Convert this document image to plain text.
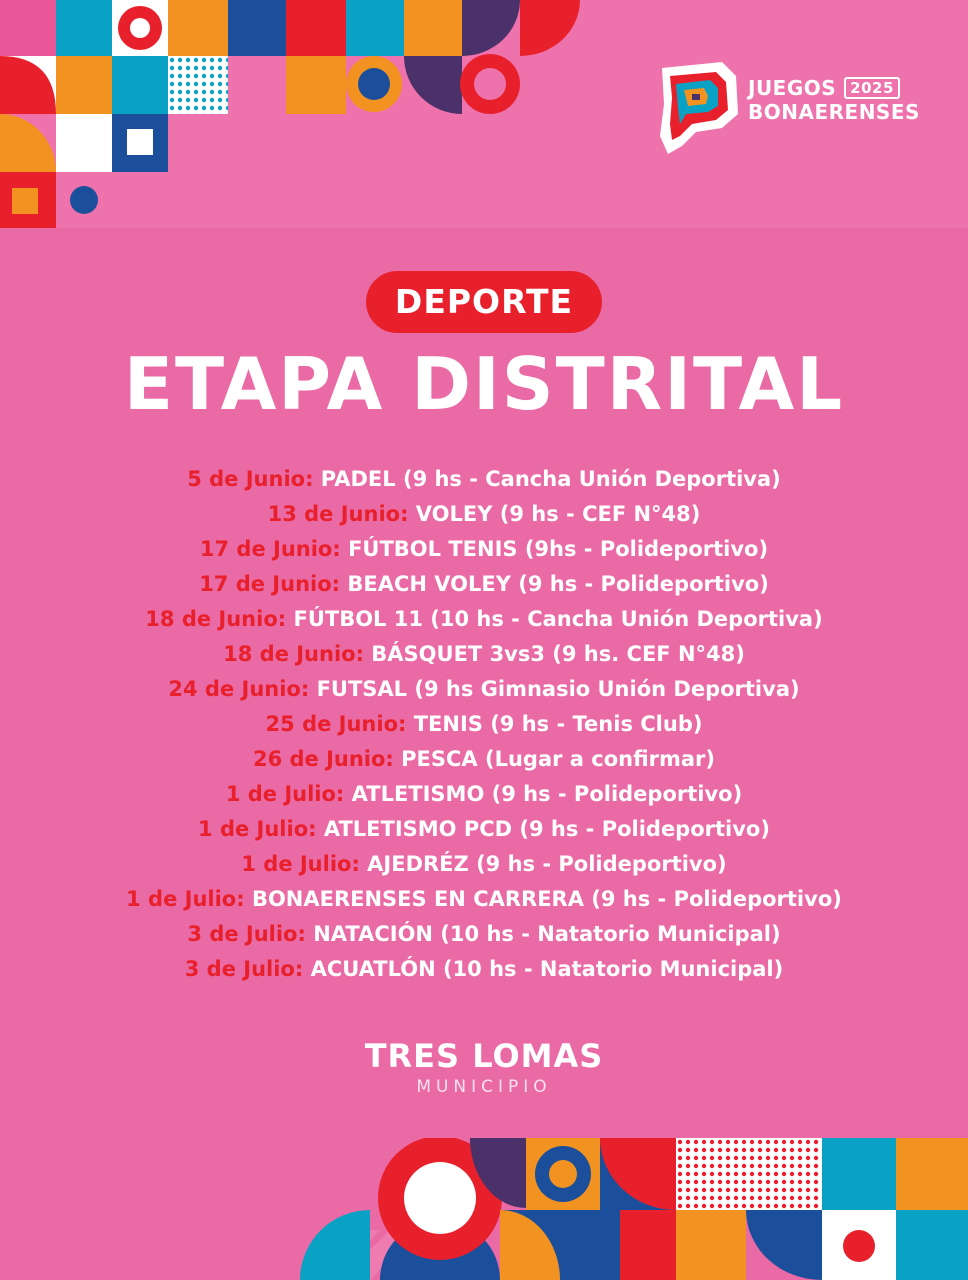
JUEGOS 2025
BONAERENSES
DEPORTE
ETAPA DISTRITAL
5 de Junio: PADEL (9 hs - Cancha Unión Deportiva)
13 de Junio: VOLEY (9 hs - CEF N°48)
17 de Junio: FÚTBOL TENIS (9hs - Polideportivo)
17 de Junio: BEACH VOLEY (9 hs - Polideportivo)
18 de Junio: FÚTBOL 11 (10 hs - Cancha Unión Deportiva)
18 de Junio: BÁSQUET 3vs3 (9 hs. CEF N°48)
24 de Junio: FUTSAL (9 hs Gimnasio Unión Deportiva)
25 de Junio: TENIS (9 hs - Tenis Club)
26 de Junio: PESCA (Lugar a confirmar)
1 de Julio: ATLETISMO (9 hs - Polideportivo)
1 de Julio: ATLETISMO PCD (9 hs - Polideportivo)
1 de Julio: AJEDRÉZ (9 hs - Polideportivo)
1 de Julio: BONAERENSES EN CARRERA (9 hs - Polideportivo)
3 de Julio: NATACIÓN (10 hs - Natatorio Municipal)
3 de Julio: ACUATLÓN (10 hs - Natatorio Municipal)
TRES LOMAS
MUNICIPIO
